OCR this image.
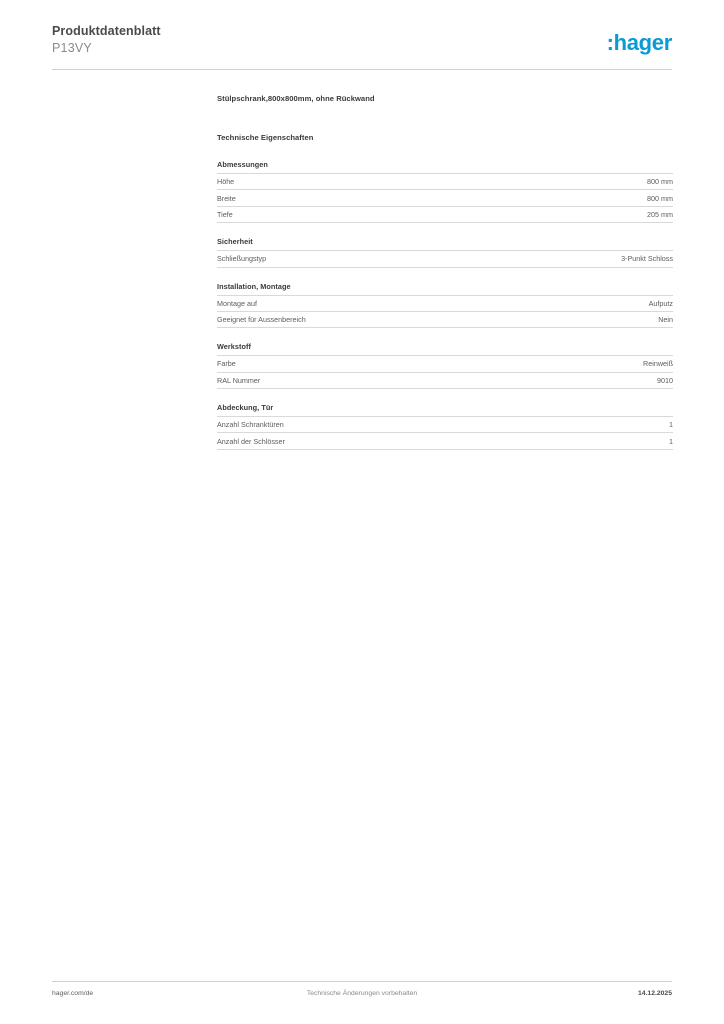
Produktdatenblatt
P13VY	:hager
Stülpschrank,800x800mm, ohne Rückwand
Technische Eigenschaften
Abmessungen
Höhe	800 mm
Breite	800 mm
Tiefe	205 mm
Sicherheit
Schließungstyp	3-Punkt Schloss
Installation, Montage
Montage auf	Aufputz
Geeignet für Aussenbereich	Nein
Werkstoff
Farbe	Reinweiß
RAL Nummer	9010
Abdeckung, Tür
Anzahl Schranktüren	1
Anzahl der Schlösser	1
hager.com/de	Technische Änderungen vorbehalten	14.12.2025
